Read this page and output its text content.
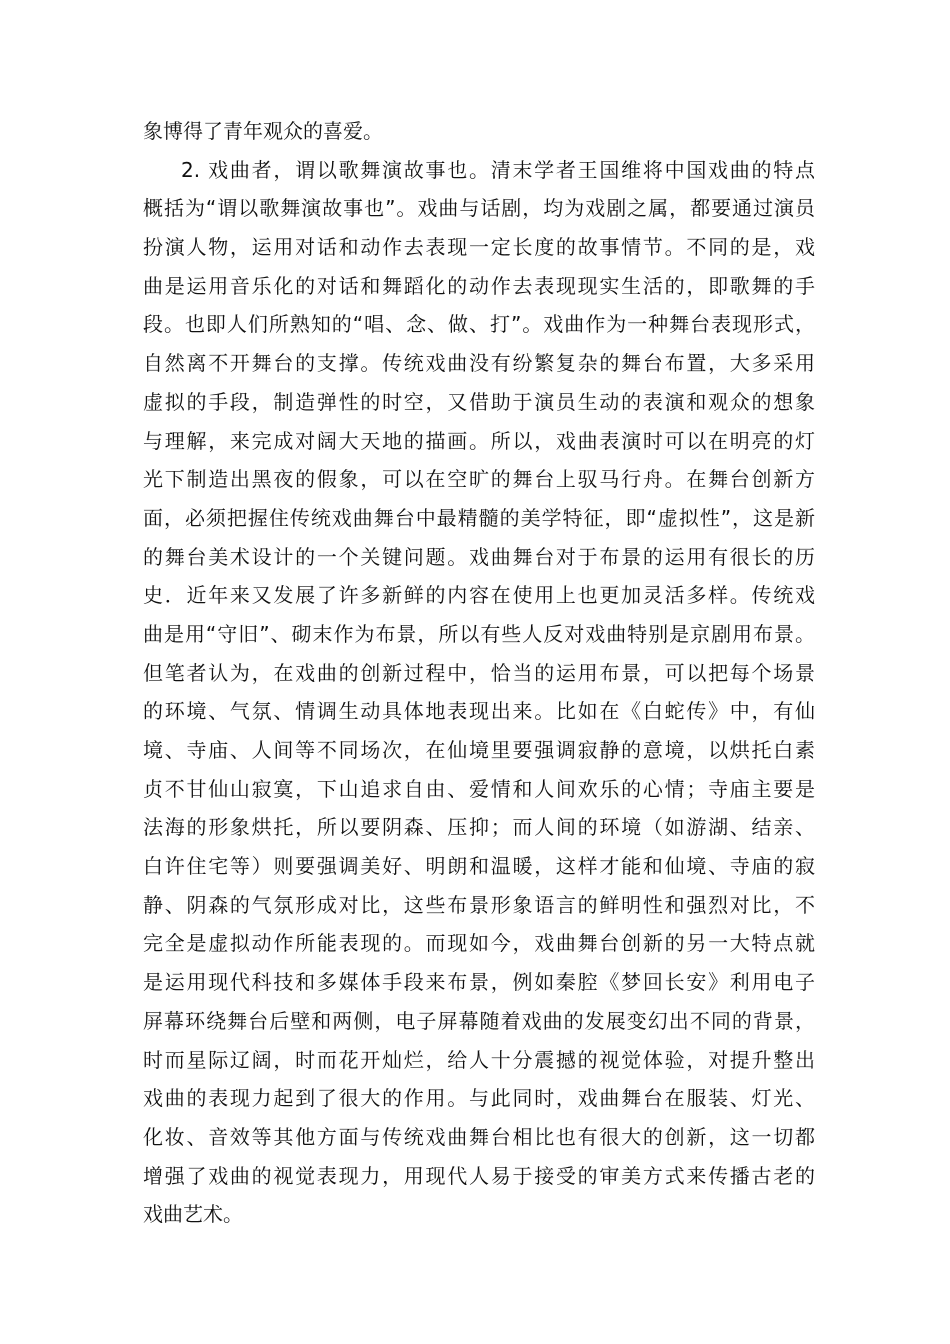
象博得了青年观众的喜爱。
2. 戏曲者，谓以歌舞演故事也。清末学者王国维将中国戏曲的特点
概括为“谓以歌舞演故事也”。戏曲与话剧，均为戏剧之属，都要通过演员
扮演人物，运用对话和动作去表现一定长度的故事情节。不同的是，戏
曲是运用音乐化的对话和舞蹈化的动作去表现现实生活的，即歌舞的手
段。也即人们所熟知的“唱、念、做、打”。戏曲作为一种舞台表现形式，
自然离不开舞台的支撑。传统戏曲没有纷繁复杂的舞台布置，大多采用
虚拟的手段，制造弹性的时空，又借助于演员生动的表演和观众的想象
与理解，来完成对阔大天地的描画。所以，戏曲表演时可以在明亮的灯
光下制造出黑夜的假象，可以在空旷的舞台上驭马行舟。在舞台创新方
面，必须把握住传统戏曲舞台中最精髓的美学特征，即“虚拟性”，这是新
的舞台美术设计的一个关键问题。戏曲舞台对于布景的运用有很长的历
史．近年来又发展了许多新鲜的内容在使用上也更加灵活多样。传统戏
曲是用“守旧”、砌末作为布景，所以有些人反对戏曲特别是京剧用布景。
但笔者认为，在戏曲的创新过程中，恰当的运用布景，可以把每个场景
的环境、气氛、情调生动具体地表现出来。比如在《白蛇传》中，有仙
境、寺庙、人间等不同场次，在仙境里要强调寂静的意境，以烘托白素
贞不甘仙山寂寞，下山追求自由、爱情和人间欢乐的心情；寺庙主要是
法海的形象烘托，所以要阴森、压抑；而人间的环境（如游湖、结亲、
白许住宅等）则要强调美好、明朗和温暖，这样才能和仙境、寺庙的寂
静、阴森的气氛形成对比，这些布景形象语言的鲜明性和强烈对比，不
完全是虚拟动作所能表现的。而现如今，戏曲舞台创新的另一大特点就
是运用现代科技和多媒体手段来布景，例如秦腔《梦回长安》利用电子
屏幕环绕舞台后壁和两侧，电子屏幕随着戏曲的发展变幻出不同的背景，
时而星际辽阔，时而花开灿烂，给人十分震撼的视觉体验，对提升整出
戏曲的表现力起到了很大的作用。与此同时，戏曲舞台在服装、灯光、
化妆、音效等其他方面与传统戏曲舞台相比也有很大的创新，这一切都
增强了戏曲的视觉表现力，用现代人易于接受的审美方式来传播古老的
戏曲艺术。
